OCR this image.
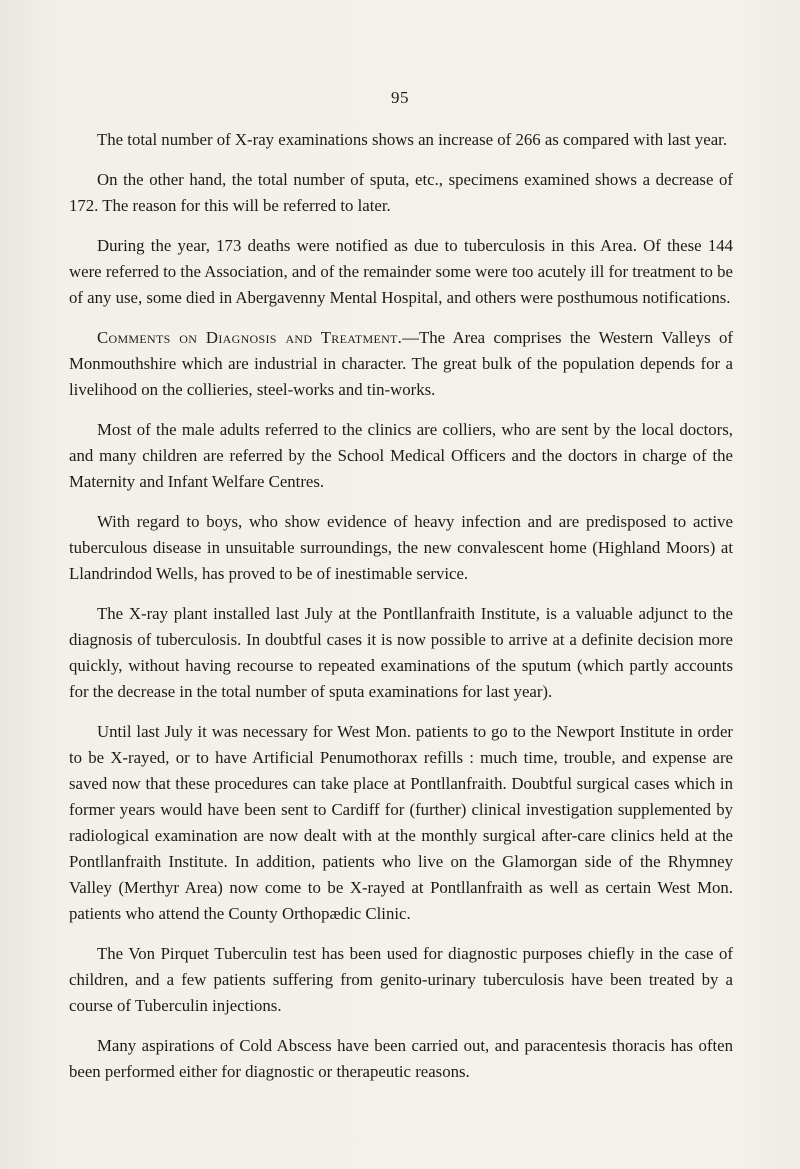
95

The total number of X-ray examinations shows an increase of 266 as compared with last year.

On the other hand, the total number of sputa, etc., specimens examined shows a decrease of 172. The reason for this will be referred to later.

During the year, 173 deaths were notified as due to tuberculosis in this Area. Of these 144 were referred to the Association, and of the remainder some were too acutely ill for treatment to be of any use, some died in Abergavenny Mental Hospital, and others were posthumous notifications.

Comments on Diagnosis and Treatment.—The Area comprises the Western Valleys of Monmouthshire which are industrial in character. The great bulk of the population depends for a livelihood on the collieries, steel-works and tin-works.

Most of the male adults referred to the clinics are colliers, who are sent by the local doctors, and many children are referred by the School Medical Officers and the doctors in charge of the Maternity and Infant Welfare Centres.

With regard to boys, who show evidence of heavy infection and are predisposed to active tuberculous disease in unsuitable surroundings, the new convalescent home (Highland Moors) at Llandrindod Wells, has proved to be of inestimable service.

The X-ray plant installed last July at the Pontllanfraith Institute, is a valuable adjunct to the diagnosis of tuberculosis. In doubtful cases it is now possible to arrive at a definite decision more quickly, without having recourse to repeated examinations of the sputum (which partly accounts for the decrease in the total number of sputa examinations for last year).

Until last July it was necessary for West Mon. patients to go to the Newport Institute in order to be X-rayed, or to have Artificial Penumothorax refills : much time, trouble, and expense are saved now that these procedures can take place at Pontllanfraith. Doubtful surgical cases which in former years would have been sent to Cardiff for (further) clinical investigation supplemented by radiological examination are now dealt with at the monthly surgical after-care clinics held at the Pontllanfraith Institute. In addition, patients who live on the Glamorgan side of the Rhymney Valley (Merthyr Area) now come to be X-rayed at Pontllanfraith as well as certain West Mon. patients who attend the County Orthopædic Clinic.

The Von Pirquet Tuberculin test has been used for diagnostic purposes chiefly in the case of children, and a few patients suffering from genito-urinary tuberculosis have been treated by a course of Tuberculin injections.

Many aspirations of Cold Abscess have been carried out, and paracentesis thoracis has often been performed either for diagnostic or therapeutic reasons.
